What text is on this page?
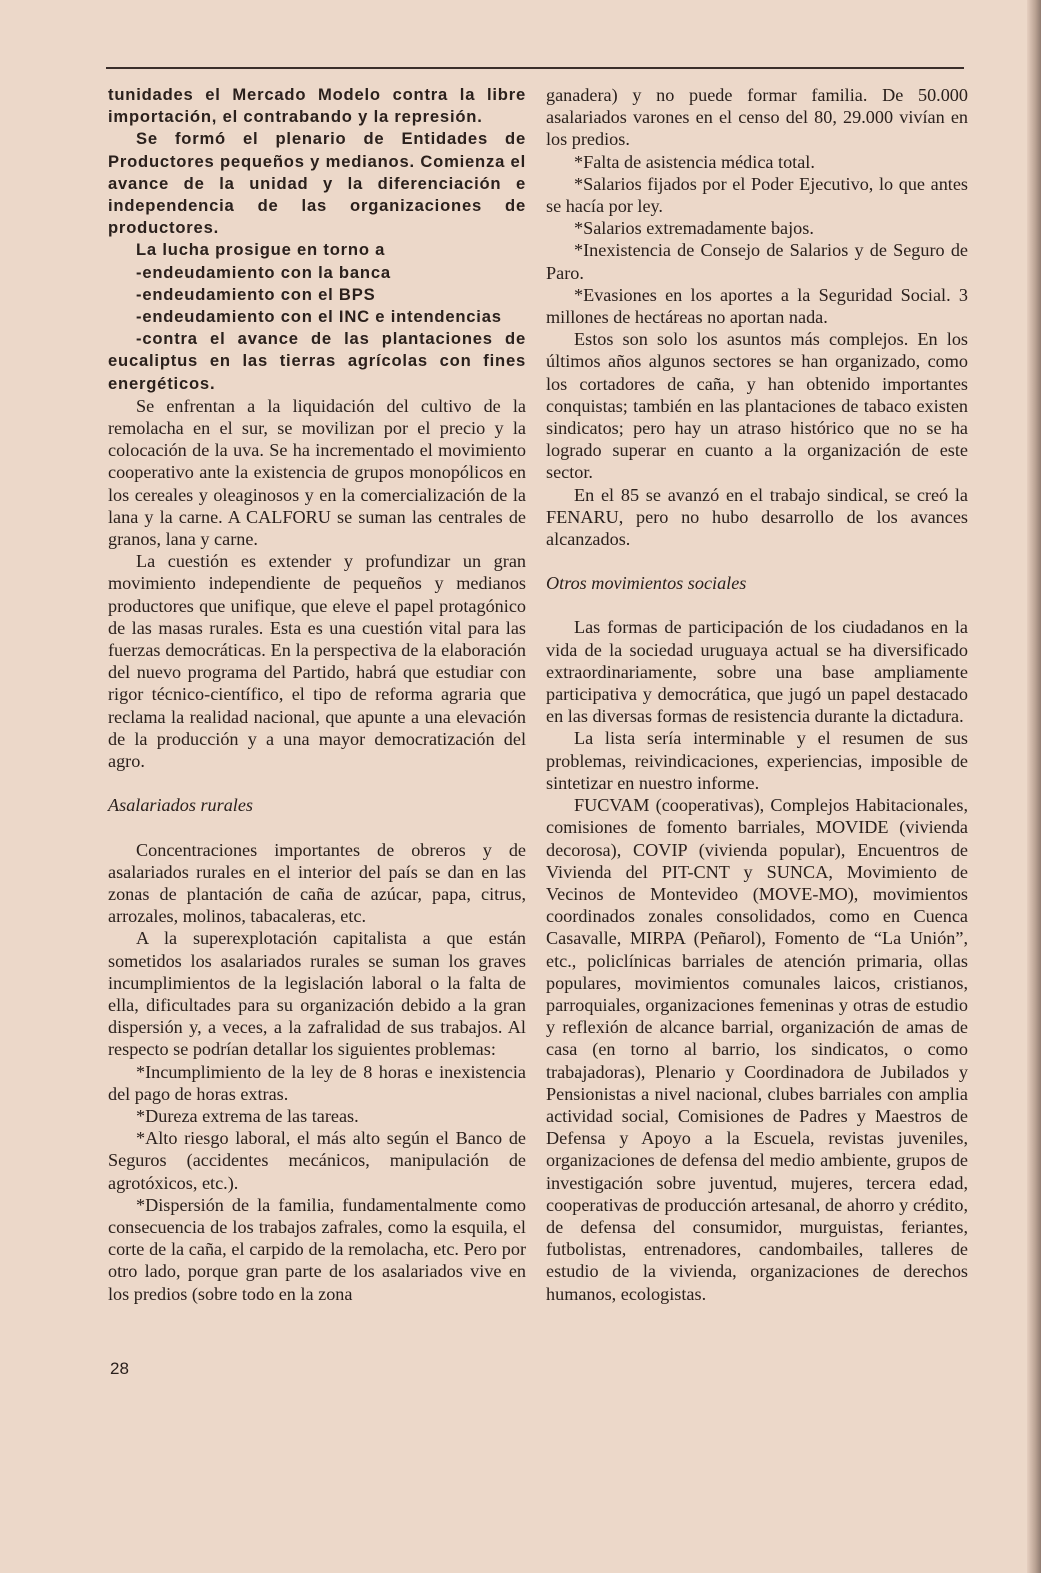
tunidades el Mercado Modelo contra la libre importación, el contrabando y la represión.

Se formó el plenario de Entidades de Productores pequeños y medianos. Comienza el avance de la unidad y la diferenciación e independencia de las organizaciones de productores.

La lucha prosigue en torno a

-endeudamiento con la banca

-endeudamiento con el BPS

-endeudamiento con el INC e intendencias

-contra el avance de las plantaciones de eucaliptus en las tierras agrícolas con fines energéticos.

Se enfrentan a la liquidación del cultivo de la remolacha en el sur, se movilizan por el precio y la colocación de la uva. Se ha incrementado el movimiento cooperativo ante la existencia de grupos monopólicos en los cereales y oleaginosos y en la comercialización de la lana y la carne. A CALFORU se suman las centrales de granos, lana y carne.

La cuestión es extender y profundizar un gran movimiento independiente de pequeños y medianos productores que unifique, que eleve el papel protagónico de las masas rurales. Esta es una cuestión vital para las fuerzas democráticas. En la perspectiva de la elaboración del nuevo programa del Partido, habrá que estudiar con rigor técnico-científico, el tipo de reforma agraria que reclama la realidad nacional, que apunte a una elevación de la producción y a una mayor democratización del agro.

Asalariados rurales

Concentraciones importantes de obreros y de asalariados rurales en el interior del país se dan en las zonas de plantación de caña de azúcar, papa, citrus, arrozales, molinos, tabacaleras, etc.

A la superexplotación capitalista a que están sometidos los asalariados rurales se suman los graves incumplimientos de la legislación laboral o la falta de ella, dificultades para su organización debido a la gran dispersión y, a veces, a la zafralidad de sus trabajos. Al respecto se podrían detallar los siguientes problemas:

*Incumplimiento de la ley de 8 horas e inexistencia del pago de horas extras.

*Dureza extrema de las tareas.

*Alto riesgo laboral, el más alto según el Banco de Seguros (accidentes mecánicos, manipulación de agrotóxicos, etc.).

*Dispersión de la familia, fundamentalmente como consecuencia de los trabajos zafrales, como la esquila, el corte de la caña, el carpido de la remolacha, etc. Pero por otro lado, porque gran parte de los asalariados vive en los predios (sobre todo en la zona

ganadera) y no puede formar familia. De 50.000 asalariados varones en el censo del 80, 29.000 vivían en los predios.

*Falta de asistencia médica total.

*Salarios fijados por el Poder Ejecutivo, lo que antes se hacía por ley.

*Salarios extremadamente bajos.

*Inexistencia de Consejo de Salarios y de Seguro de Paro.

*Evasiones en los aportes a la Seguridad Social. 3 millones de hectáreas no aportan nada.

Estos son solo los asuntos más complejos. En los últimos años algunos sectores se han organizado, como los cortadores de caña, y han obtenido importantes conquistas; también en las plantaciones de tabaco existen sindicatos; pero hay un atraso histórico que no se ha logrado superar en cuanto a la organización de este sector.

En el 85 se avanzó en el trabajo sindical, se creó la FENARU, pero no hubo desarrollo de los avances alcanzados.

Otros movimientos sociales

Las formas de participación de los ciudadanos en la vida de la sociedad uruguaya actual se ha diversificado extraordinariamente, sobre una base ampliamente participativa y democrática, que jugó un papel destacado en las diversas formas de resistencia durante la dictadura.

La lista sería interminable y el resumen de sus problemas, reivindicaciones, experiencias, imposible de sintetizar en nuestro informe.

FUCVAM (cooperativas), Complejos Habitacionales, comisiones de fomento barriales, MOVIDE (vivienda decorosa), COVIP (vivienda popular), Encuentros de Vivienda del PIT-CNT y SUNCA, Movimiento de Vecinos de Montevideo (MOVE-MO), movimientos coordinados zonales consolidados, como en Cuenca Casavalle, MIRPA (Peñarol), Fomento de “La Unión”, etc., policlínicas barriales de atención primaria, ollas populares, movimientos comunales laicos, cristianos, parroquiales, organizaciones femeninas y otras de estudio y reflexión de alcance barrial, organización de amas de casa (en torno al barrio, los sindicatos, o como trabajadoras), Plenario y Coordinadora de Jubilados y Pensionistas a nivel nacional, clubes barriales con amplia actividad social, Comisiones de Padres y Maestros de Defensa y Apoyo a la Escuela, revistas juveniles, organizaciones de defensa del medio ambiente, grupos de investigación sobre juventud, mujeres, tercera edad, cooperativas de producción artesanal, de ahorro y crédito, de defensa del consumidor, murguistas, feriantes, futbolistas, entrenadores, candombailes, talleres de estudio de la vivienda, organizaciones de derechos humanos, ecologistas.

28
